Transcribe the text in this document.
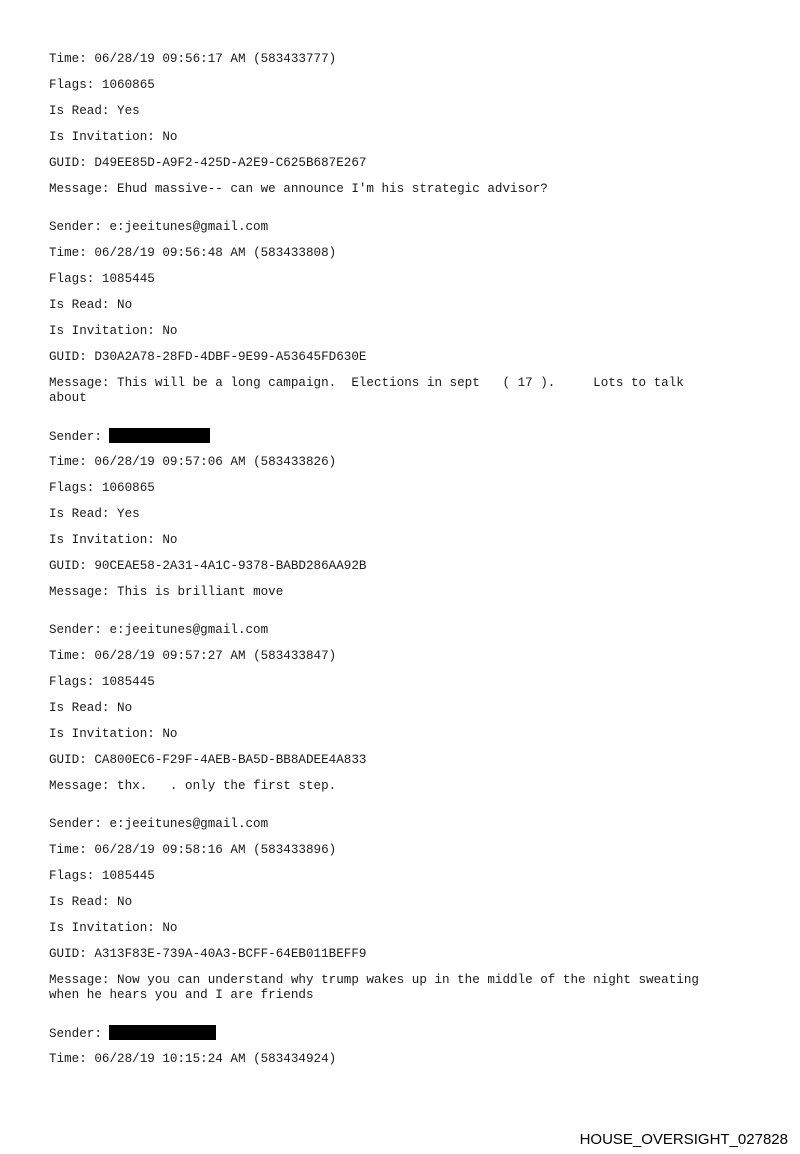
Time: 06/28/19 09:56:17 AM (583433777)
Flags: 1060865
Is Read: Yes
Is Invitation: No
GUID: D49EE85D-A9F2-425D-A2E9-C625B687E267
Message: Ehud massive-- can we announce I'm his strategic advisor?
Sender: e:jeeitunes@gmail.com
Time: 06/28/19 09:56:48 AM (583433808)
Flags: 1085445
Is Read: No
Is Invitation: No
GUID: D30A2A78-28FD-4DBF-9E99-A53645FD630E
Message: This will be a long campaign.  Elections in sept   ( 17 ).     Lots to talk
about
Sender:
Time: 06/28/19 09:57:06 AM (583433826)
Flags: 1060865
Is Read: Yes
Is Invitation: No
GUID: 90CEAE58-2A31-4A1C-9378-BABD286AA92B
Message: This is brilliant move
Sender: e:jeeitunes@gmail.com
Time: 06/28/19 09:57:27 AM (583433847)
Flags: 1085445
Is Read: No
Is Invitation: No
GUID: CA800EC6-F29F-4AEB-BA5D-BB8ADEE4A833
Message: thx.   . only the first step.
Sender: e:jeeitunes@gmail.com
Time: 06/28/19 09:58:16 AM (583433896)
Flags: 1085445
Is Read: No
Is Invitation: No
GUID: A313F83E-739A-40A3-BCFF-64EB011BEFF9
Message: Now you can understand why trump wakes up in the middle of the night sweating
when he hears you and I are friends
Sender:
Time: 06/28/19 10:15:24 AM (583434924)
HOUSE_OVERSIGHT_027828
